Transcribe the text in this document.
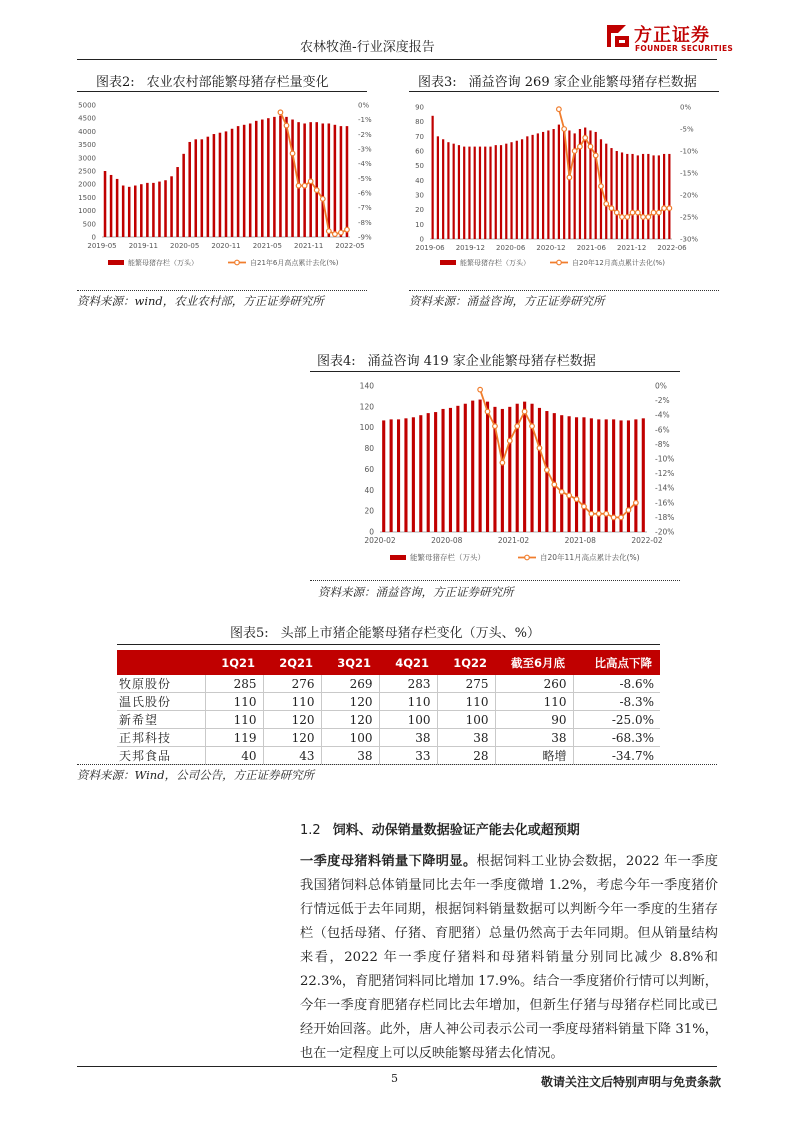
农林牧渔-行业深度报告
方正证券
FOUNDER SECURITIES
图表2: 农业农村部能繁母猪存栏量变化
0
500
1000
1500
2000
2500
3000
3500
4000
4500
5000	0%
-1%
-2%
-3%
-4%
-5%
-6%
-7%
-8%
-9%
2019-05 2019-11 2020-05 2020-11 2021-05 2021-11 2022-05
能繁母猪存栏（万头）	自21年6月高点累计去化(%)
资料来源：wind，农业农村部，方正证券研究所
图表3: 涌益咨询 269 家企业能繁母猪存栏数据
0
10
20
30
40
50
60
70
80
90	0%
-5%
-10%
-15%
-20%
-25%
-30%
2019-06 2019-12 2020-06 2020-12 2021-06 2021-12 2022-06
能繁母猪存栏（万头）	自20年12月高点累计去化(%)
资料来源：涌益咨询，方正证券研究所
图表4: 涌益咨询 419 家企业能繁母猪存栏数据
0
20
40
60
80
100
120
140	0%
-2%
-4%
-6%
-8%
-10%
-12%
-14%
-16%
-18%
-20%
2020-02	2020-08	2021-02	2021-08	2022-02
能繁母猪存栏（万头）	自20年11月高点累计去化(%)
资料来源：涌益咨询，方正证券研究所
图表5: 头部上市猪企能繁母猪存栏变化（万头、%）
	1Q21	2Q21	3Q21	4Q21	1Q22	截至6月底	比高点下降
牧原股份	285	276	269	283	275	260	-8.6%
温氏股份	110	110	120	110	110	110	-8.3%
新希望	110	120	120	100	100	90	-25.0%
正邦科技	119	120	100	38	38	38	-68.3%
天邦食品	40	43	38	33	28	略增	-34.7%
资料来源：Wind，公司公告，方正证券研究所
1.2 饲料、动保销量数据验证产能去化或超预期
一季度母猪料销量下降明显。根据饲料工业协会数据，2022 年一季度我国猪饲料总体销量同比去年一季度微增 1.2%，考虑今年一季度猪价行情远低于去年同期，根据饲料销量数据可以判断今年一季度的生猪存栏（包括母猪、仔猪、育肥猪）总量仍然高于去年同期。但从销量结构来看，2022 年一季度仔猪料和母猪料销量分别同比减少 8.8%和 22.3%，育肥猪饲料同比增加 17.9%。结合一季度猪价行情可以判断，今年一季度育肥猪存栏同比去年增加，但新生仔猪与母猪存栏同比或已经开始回落。此外，唐人神公司表示公司一季度母猪料销量下降 31%，也在一定程度上可以反映能繁母猪去化情况。
5	敬请关注文后特别声明与免责条款
